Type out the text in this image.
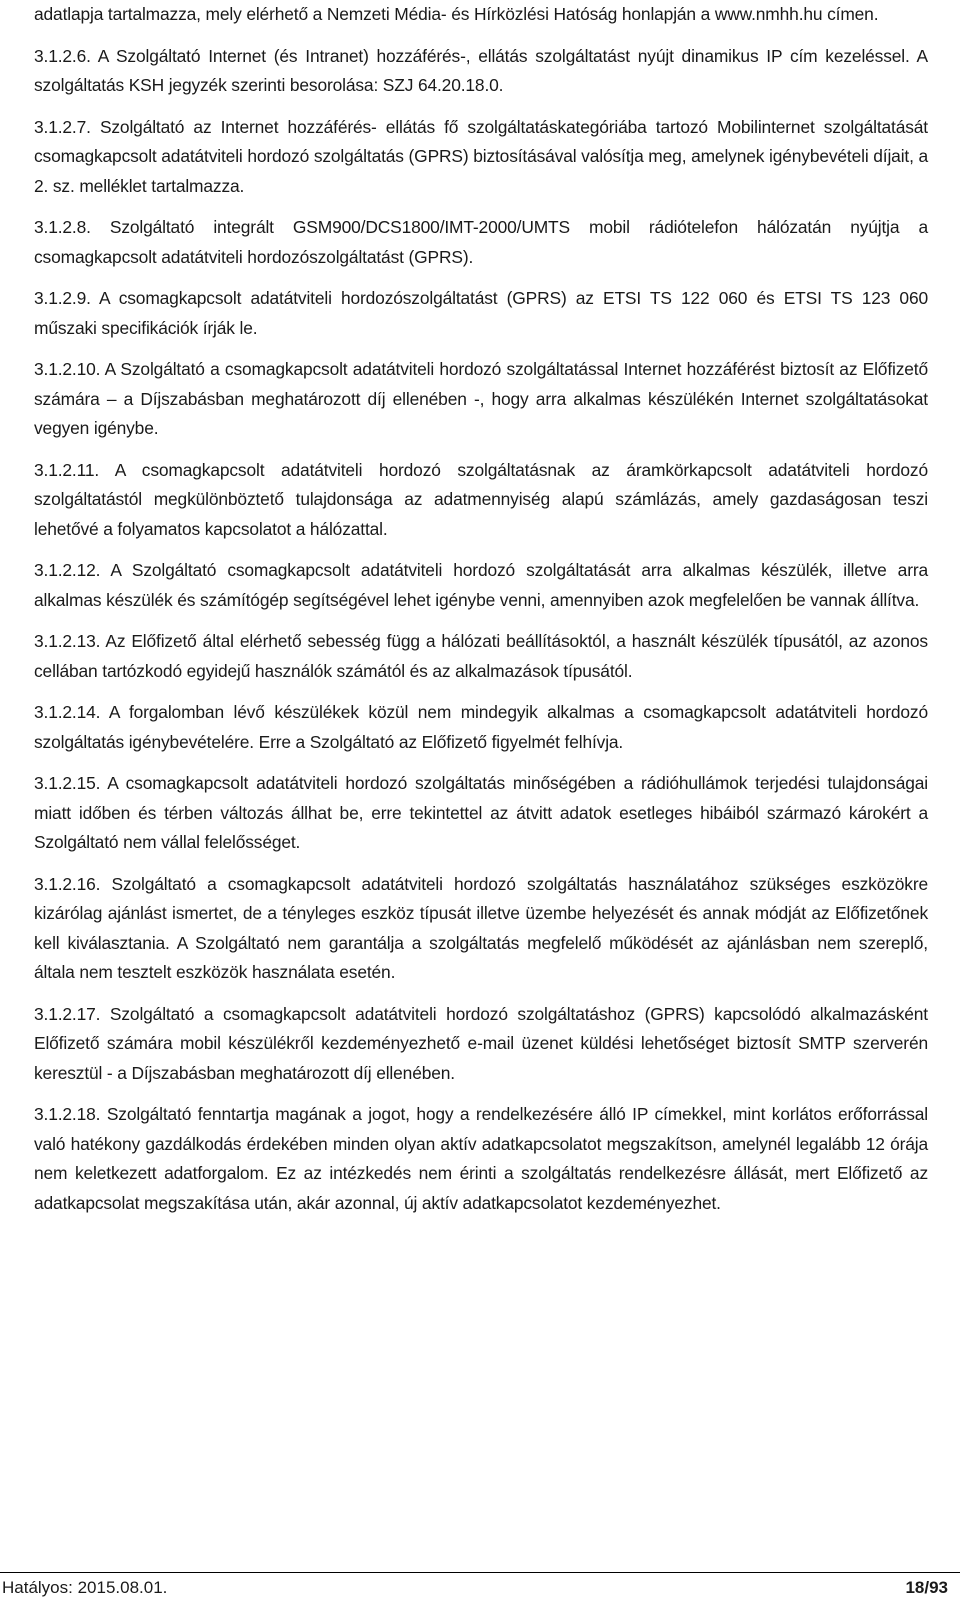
adatlapja tartalmazza, mely elérhető a Nemzeti Média- és Hírközlési Hatóság honlapján a www.nmhh.hu címen.

3.1.2.6. A Szolgáltató Internet (és Intranet) hozzáférés-, ellátás szolgáltatást nyújt dinamikus IP cím kezeléssel. A szolgáltatás KSH jegyzék szerinti besorolása: SZJ 64.20.18.0.

3.1.2.7. Szolgáltató az Internet hozzáférés- ellátás fő szolgáltatáskategóriába tartozó Mobilinternet szolgáltatását csomagkapcsolt adatátviteli hordozó szolgáltatás (GPRS) biztosításával valósítja meg, amelynek igénybevételi díjait, a 2. sz. melléklet tartalmazza.

3.1.2.8. Szolgáltató integrált GSM900/DCS1800/IMT-2000/UMTS mobil rádiótelefon hálózatán nyújtja a csomagkapcsolt adatátviteli hordozószolgáltatást (GPRS).

3.1.2.9. A csomagkapcsolt adatátviteli hordozószolgáltatást (GPRS) az ETSI TS 122 060 és ETSI TS 123 060 műszaki specifikációk írják le.

3.1.2.10. A Szolgáltató a csomagkapcsolt adatátviteli hordozó szolgáltatással Internet hozzáférést biztosít az Előfizető számára – a Díjszabásban meghatározott díj ellenében -, hogy arra alkalmas készülékén Internet szolgáltatásokat vegyen igénybe.

3.1.2.11. A csomagkapcsolt adatátviteli hordozó szolgáltatásnak az áramkörkapcsolt adatátviteli hordozó szolgáltatástól megkülönböztető tulajdonsága az adatmennyiség alapú számlázás, amely gazdaságosan teszi lehetővé a folyamatos kapcsolatot a hálózattal.

3.1.2.12. A Szolgáltató csomagkapcsolt adatátviteli hordozó szolgáltatását arra alkalmas készülék, illetve arra alkalmas készülék és számítógép segítségével lehet igénybe venni, amennyiben azok megfelelően be vannak állítva.

3.1.2.13. Az Előfizető által elérhető sebesség függ a hálózati beállításoktól, a használt készülék típusától, az azonos cellában tartózkodó egyidejű használók számától és az alkalmazások típusától.

3.1.2.14. A forgalomban lévő készülékek közül nem mindegyik alkalmas a csomagkapcsolt adatátviteli hordozó szolgáltatás igénybevételére. Erre a Szolgáltató az Előfizető figyelmét felhívja.

3.1.2.15. A csomagkapcsolt adatátviteli hordozó szolgáltatás minőségében a rádióhullámok terjedési tulajdonságai miatt időben és térben változás állhat be, erre tekintettel az átvitt adatok esetleges hibáiból származó károkért a Szolgáltató nem vállal felelősséget.

3.1.2.16. Szolgáltató a csomagkapcsolt adatátviteli hordozó szolgáltatás használatához szükséges eszközökre kizárólag ajánlást ismertet, de a tényleges eszköz típusát illetve üzembe helyezését és annak módját az Előfizetőnek kell kiválasztania. A Szolgáltató nem garantálja a szolgáltatás megfelelő működését az ajánlásban nem szereplő, általa nem tesztelt eszközök használata esetén.

3.1.2.17. Szolgáltató a csomagkapcsolt adatátviteli hordozó szolgáltatáshoz (GPRS) kapcsolódó alkalmazásként Előfizető számára mobil készülékről kezdeményezhető e-mail üzenet küldési lehetőséget biztosít SMTP szerverén keresztül - a Díjszabásban meghatározott díj ellenében.

3.1.2.18. Szolgáltató fenntartja magának a jogot, hogy a rendelkezésére álló IP címekkel, mint korlátos erőforrással való hatékony gazdálkodás érdekében minden olyan aktív adatkapcsolatot megszakítson, amelynél legalább 12 órája nem keletkezett adatforgalom. Ez az intézkedés nem érinti a szolgáltatás rendelkezésre állását, mert Előfizető az adatkapcsolat megszakítása után, akár azonnal, új aktív adatkapcsolatot kezdeményezhet.

Hatályos: 2015.08.01.	18/93
